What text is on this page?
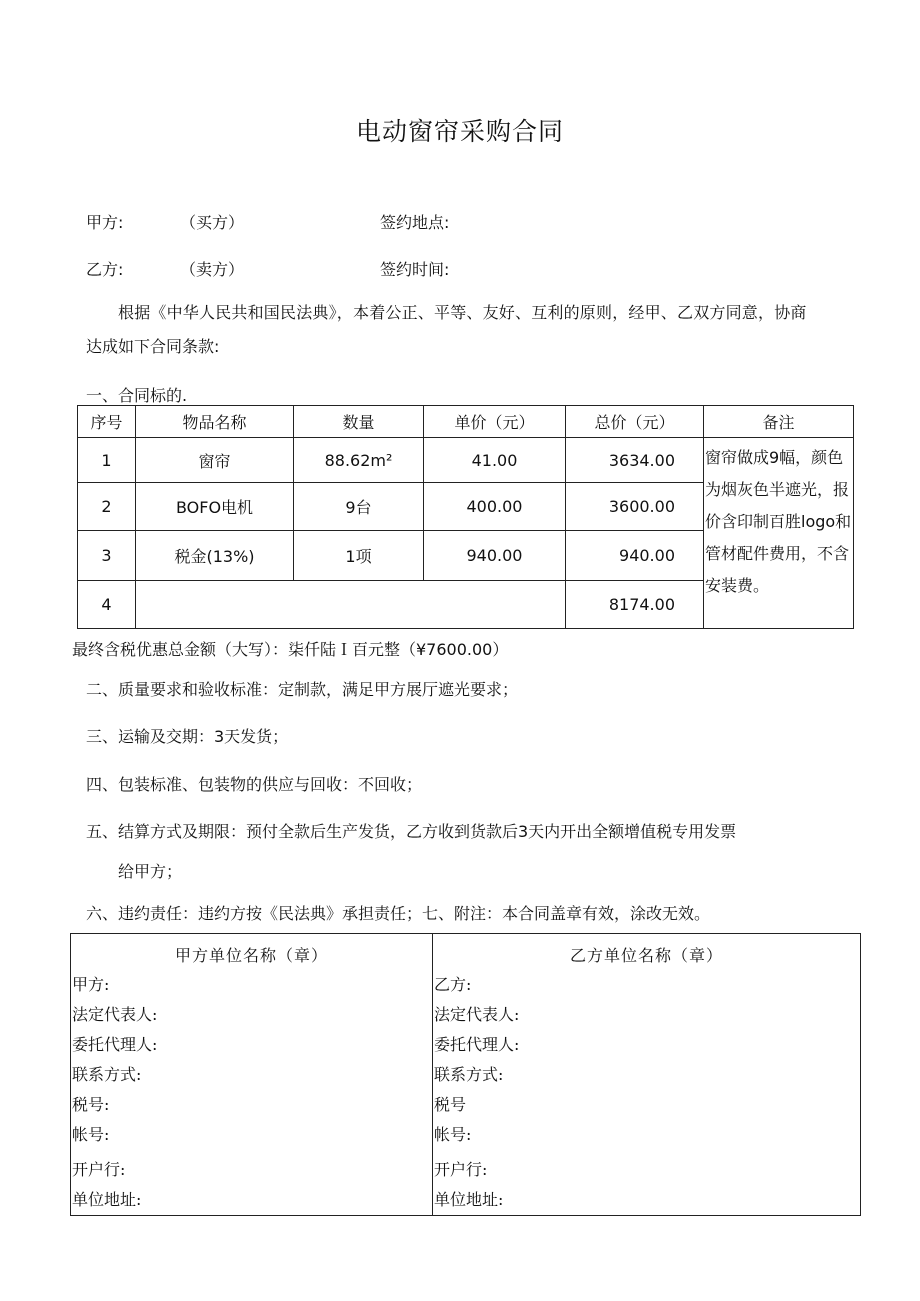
电动窗帘采购合同
甲方:	（买方）	签约地点:
乙方:	（卖方）	签约时间:
根据《中华人民共和国民法典》，本着公正、平等、友好、互利的原则，经甲、乙双方同意，协商
达成如下合同条款:
一、合同标的.
序号	物品名称	数量	单价（元）	总价（元）	备注
1	窗帘	88.62m²	41.00	3634.00	窗帘做成9幅，颜色为烟灰色半遮光，报价含印制百胜logo和管材配件费用，不含安装费。
2	BOFO电机	9台	400.00	3600.00	
3	税金(13%)	1项	940.00	940.00	
4				8174.00	
最终含税优惠总金额（大写）：柒仟陆Ｉ百元整（¥7600.00）
二、质量要求和验收标准：定制款，满足甲方展厅遮光要求；
三、运输及交期：3天发货；
四、包装标准、包装物的供应与回收：不回收；
五、结算方式及期限：预付全款后生产发货，乙方收到货款后3天内开出全额增值税专用发票
给甲方；
六、违约责任：违约方按《民法典》承担责任；七、附注：本合同盖章有效，涂改无效。
甲方单位名称（章）
甲方:
法定代表人:
委托代理人:
联系方式:
税号:
帐号:
开户行:
单位地址:

乙方单位名称（章）
乙方:
法定代表人:
委托代理人:
联系方式:
税号
帐号:
开户行:
单位地址:
